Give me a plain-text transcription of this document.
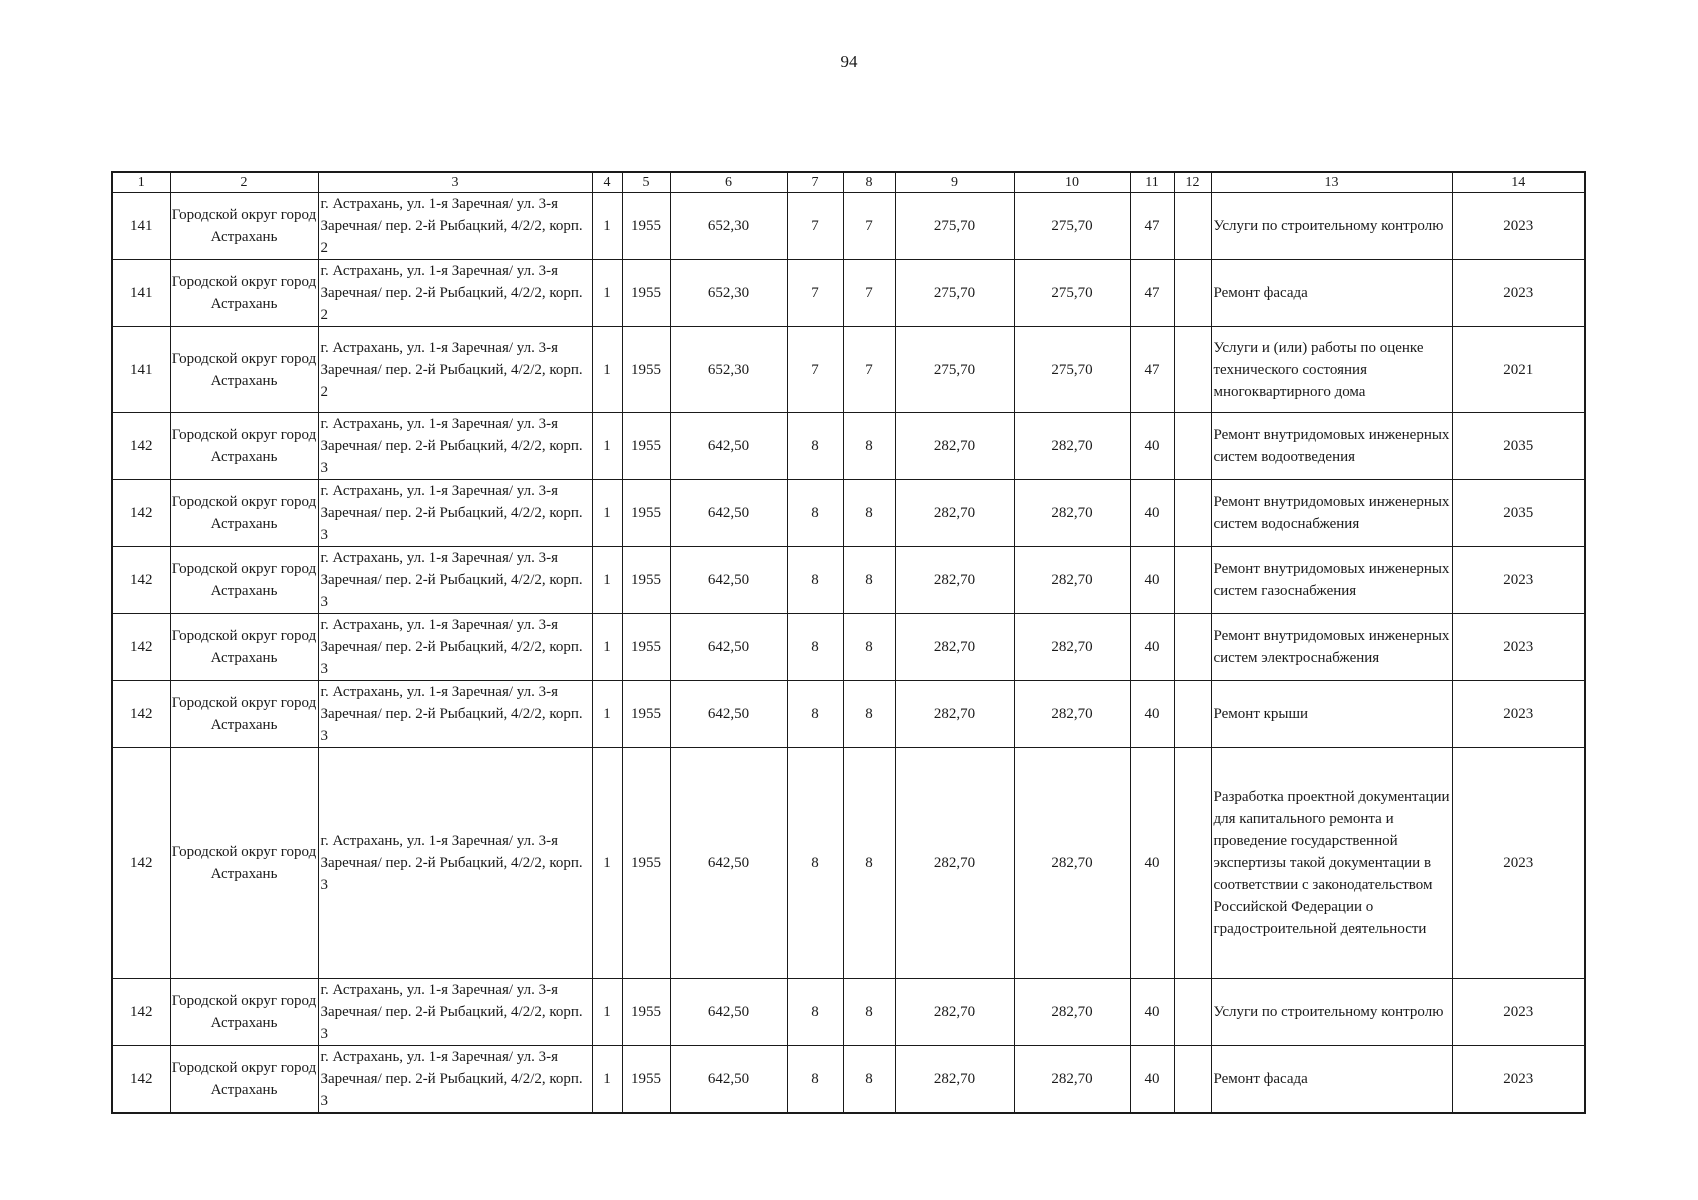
94
1	2	3	4	5	6	7	8	9	10	11	12	13	14
141	Городской округ город Астрахань	г. Астрахань, ул. 1-я Заречная/ ул. 3-я Заречная/ пер. 2-й Рыбацкий, 4/2/2, корп. 2	1	1955	652,30	7	7	275,70	275,70	47		Услуги по строительному контролю	2023
141	Городской округ город Астрахань	г. Астрахань, ул. 1-я Заречная/ ул. 3-я Заречная/ пер. 2-й Рыбацкий, 4/2/2, корп. 2	1	1955	652,30	7	7	275,70	275,70	47		Ремонт фасада	2023
141	Городской округ город Астрахань	г. Астрахань, ул. 1-я Заречная/ ул. 3-я Заречная/ пер. 2-й Рыбацкий, 4/2/2, корп. 2	1	1955	652,30	7	7	275,70	275,70	47		Услуги и (или) работы по оценке технического состояния многоквартирного дома	2021
142	Городской округ город Астрахань	г. Астрахань, ул. 1-я Заречная/ ул. 3-я Заречная/ пер. 2-й Рыбацкий, 4/2/2, корп. 3	1	1955	642,50	8	8	282,70	282,70	40		Ремонт внутридомовых инженерных систем водоотведения	2035
142	Городской округ город Астрахань	г. Астрахань, ул. 1-я Заречная/ ул. 3-я Заречная/ пер. 2-й Рыбацкий, 4/2/2, корп. 3	1	1955	642,50	8	8	282,70	282,70	40		Ремонт внутридомовых инженерных систем водоснабжения	2035
142	Городской округ город Астрахань	г. Астрахань, ул. 1-я Заречная/ ул. 3-я Заречная/ пер. 2-й Рыбацкий, 4/2/2, корп. 3	1	1955	642,50	8	8	282,70	282,70	40		Ремонт внутридомовых инженерных систем газоснабжения	2023
142	Городской округ город Астрахань	г. Астрахань, ул. 1-я Заречная/ ул. 3-я Заречная/ пер. 2-й Рыбацкий, 4/2/2, корп. 3	1	1955	642,50	8	8	282,70	282,70	40		Ремонт внутридомовых инженерных систем электроснабжения	2023
142	Городской округ город Астрахань	г. Астрахань, ул. 1-я Заречная/ ул. 3-я Заречная/ пер. 2-й Рыбацкий, 4/2/2, корп. 3	1	1955	642,50	8	8	282,70	282,70	40		Ремонт крыши	2023
142	Городской округ город Астрахань	г. Астрахань, ул. 1-я Заречная/ ул. 3-я Заречная/ пер. 2-й Рыбацкий, 4/2/2, корп. 3	1	1955	642,50	8	8	282,70	282,70	40		Разработка проектной документации для капитального ремонта и проведение государственной экспертизы такой документации в соответствии с законодательством Российской Федерации о градостроительной деятельности	2023
142	Городской округ город Астрахань	г. Астрахань, ул. 1-я Заречная/ ул. 3-я Заречная/ пер. 2-й Рыбацкий, 4/2/2, корп. 3	1	1955	642,50	8	8	282,70	282,70	40		Услуги по строительному контролю	2023
142	Городской округ город Астрахань	г. Астрахань, ул. 1-я Заречная/ ул. 3-я Заречная/ пер. 2-й Рыбацкий, 4/2/2, корп. 3	1	1955	642,50	8	8	282,70	282,70	40		Ремонт фасада	2023
